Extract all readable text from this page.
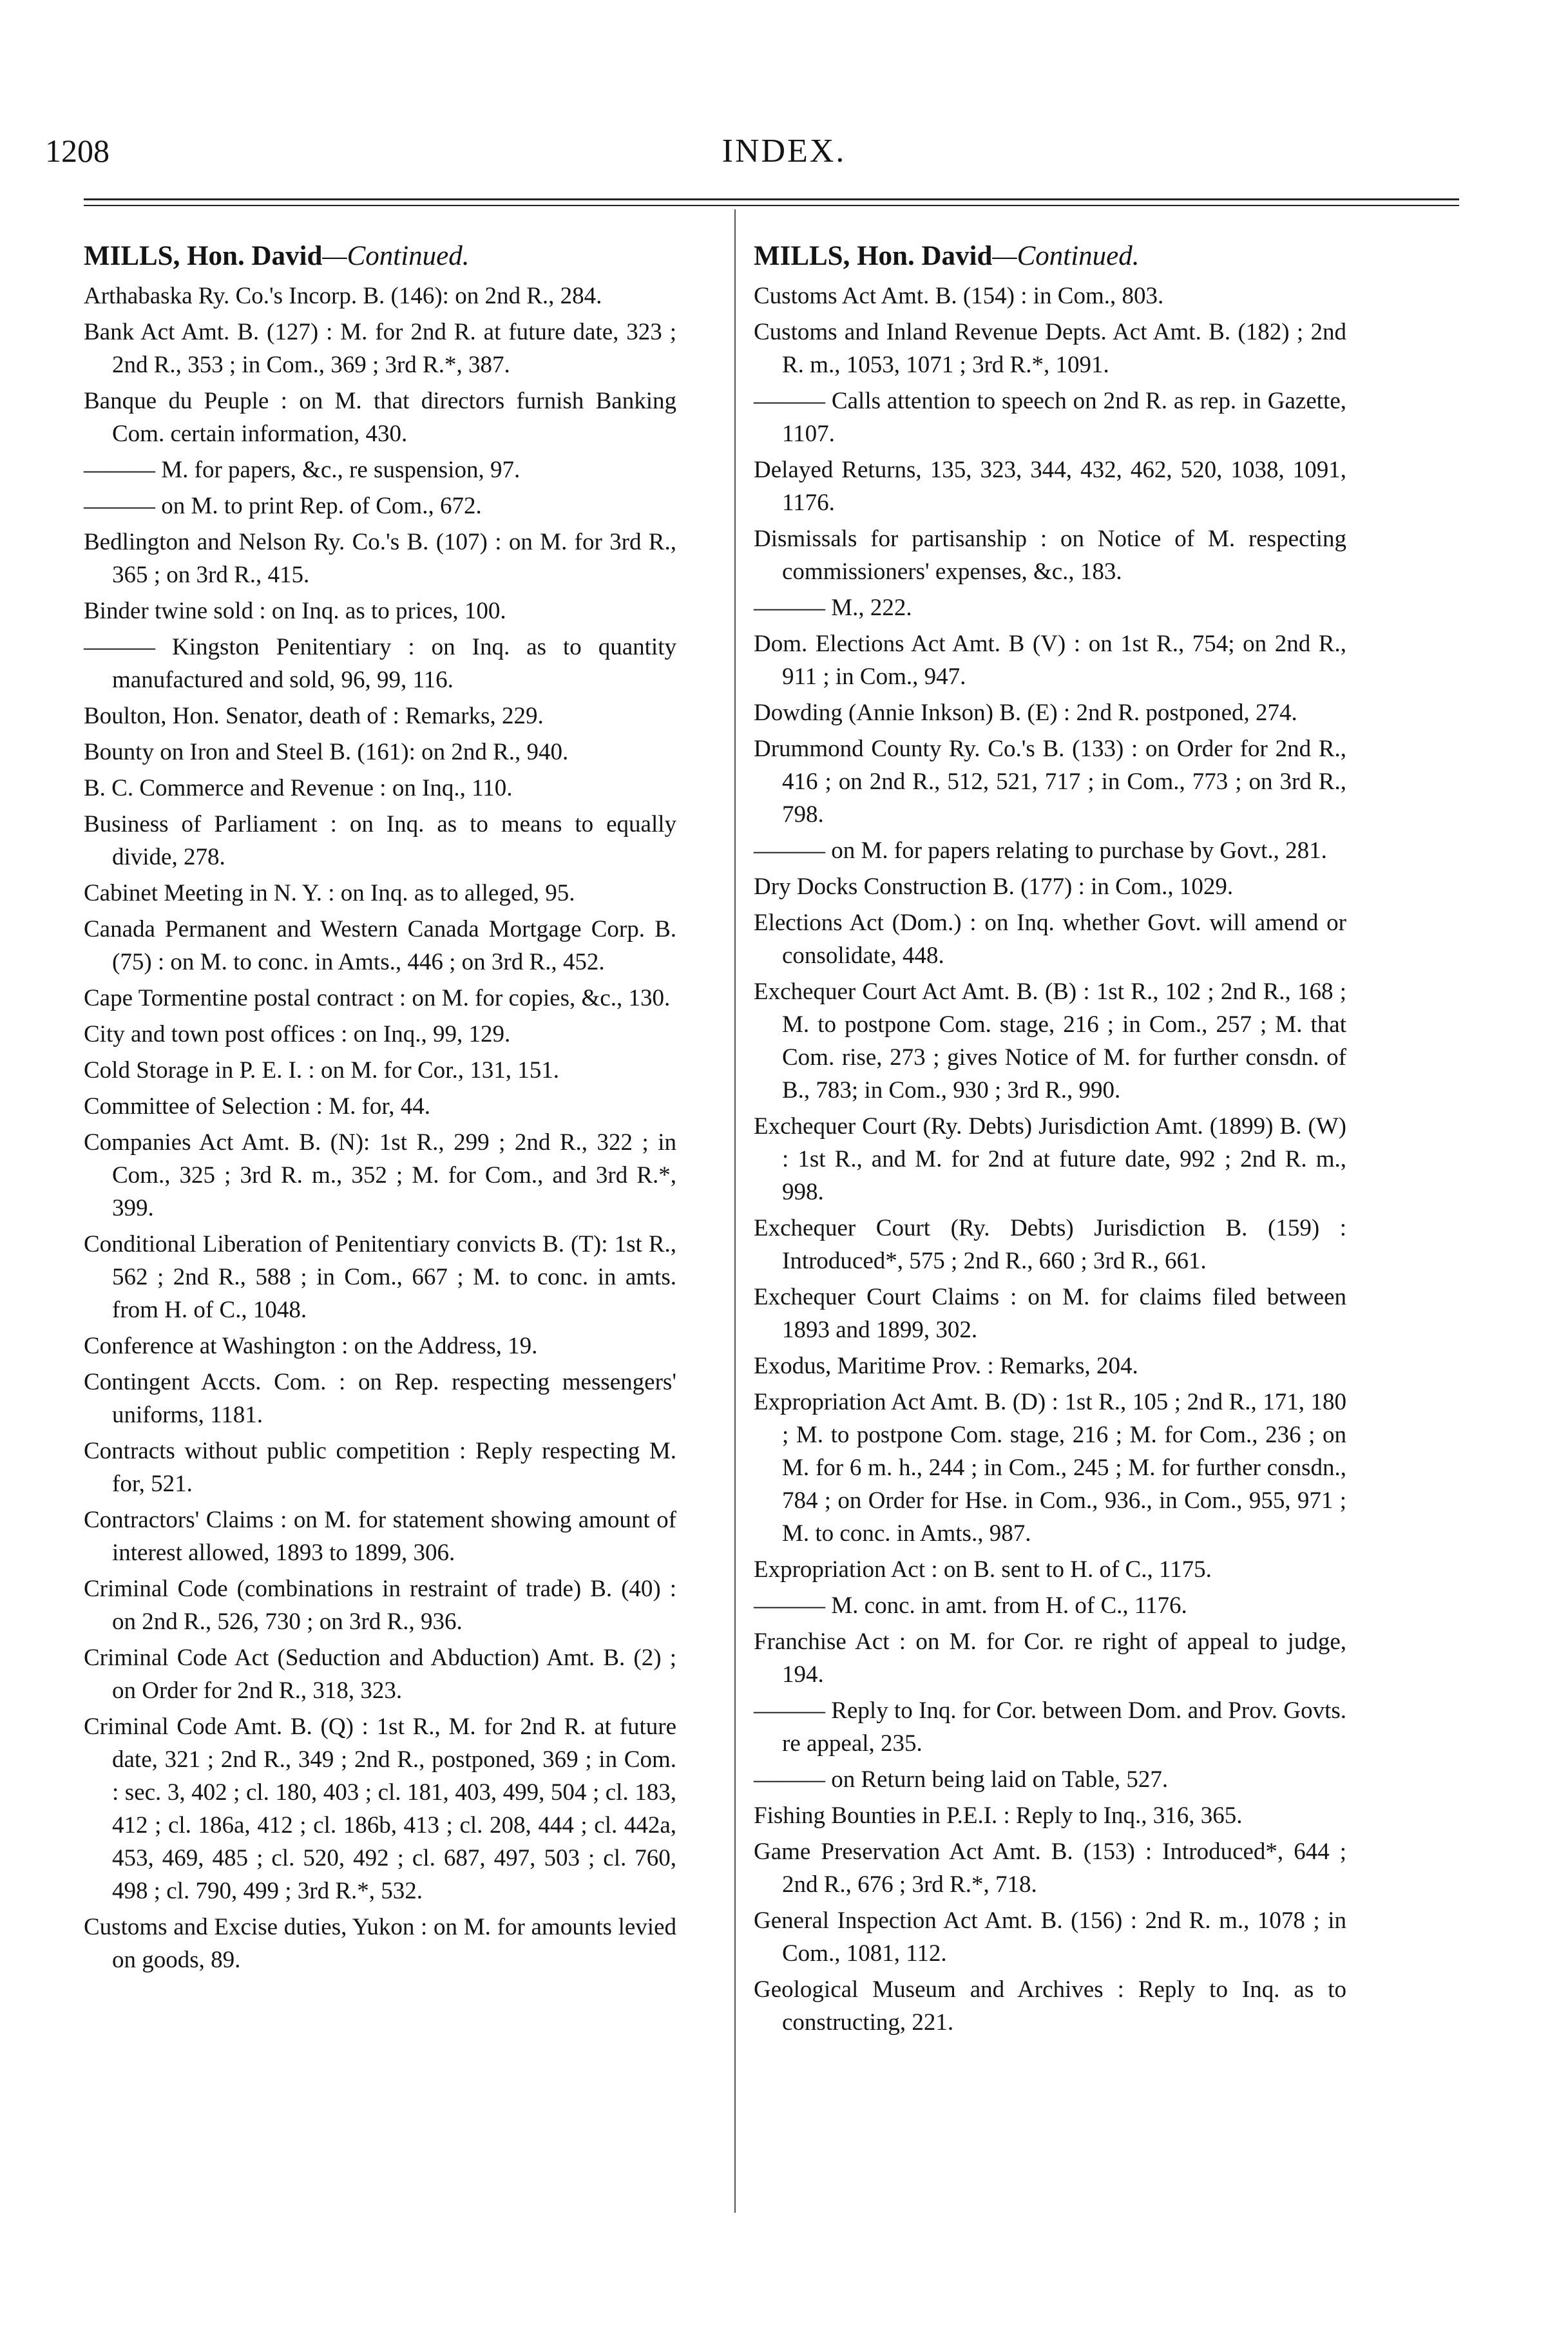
1208	INDEX.
MILLS, Hon. David—Continued.
Arthabaska Ry. Co.'s Incorp. B. (146): on 2nd R., 284.
Bank Act Amt. B. (127) : M. for 2nd R. at future date, 323 ; 2nd R., 353 ; in Com., 369 ; 3rd R.*, 387.
Banque du Peuple : on M. that directors furnish Banking Com. certain information, 430.
——— M. for papers, &c., re suspension, 97.
——— on M. to print Rep. of Com., 672.
Bedlington and Nelson Ry. Co.'s B. (107) : on M. for 3rd R., 365 ; on 3rd R., 415.
Binder twine sold : on Inq. as to prices, 100.
——— Kingston Penitentiary : on Inq. as to quantity manufactured and sold, 96, 99, 116.
Boulton, Hon. Senator, death of : Remarks, 229.
Bounty on Iron and Steel B. (161): on 2nd R., 940.
B. C. Commerce and Revenue : on Inq., 110.
Business of Parliament : on Inq. as to means to equally divide, 278.
Cabinet Meeting in N. Y. : on Inq. as to alleged, 95.
Canada Permanent and Western Canada Mortgage Corp. B. (75) : on M. to conc. in Amts., 446 ; on 3rd R., 452.
Cape Tormentine postal contract : on M. for copies, &c., 130.
City and town post offices : on Inq., 99, 129.
Cold Storage in P. E. I. : on M. for Cor., 131, 151.
Committee of Selection : M. for, 44.
Companies Act Amt. B. (N): 1st R., 299 ; 2nd R., 322 ; in Com., 325 ; 3rd R. m., 352 ; M. for Com., and 3rd R.*, 399.
Conditional Liberation of Penitentiary convicts B. (T): 1st R., 562 ; 2nd R., 588 ; in Com., 667 ; M. to conc. in amts. from H. of C., 1048.
Conference at Washington : on the Address, 19.
Contingent Accts. Com. : on Rep. respecting messengers' uniforms, 1181.
Contracts without public competition : Reply respecting M. for, 521.
Contractors' Claims : on M. for statement showing amount of interest allowed, 1893 to 1899, 306.
Criminal Code (combinations in restraint of trade) B. (40) : on 2nd R., 526, 730 ; on 3rd R., 936.
Criminal Code Act (Seduction and Abduction) Amt. B. (2) ; on Order for 2nd R., 318, 323.
Criminal Code Amt. B. (Q) : 1st R., M. for 2nd R. at future date, 321 ; 2nd R., 349 ; 2nd R., postponed, 369 ; in Com. : sec. 3, 402 ; cl. 180, 403 ; cl. 181, 403, 499, 504 ; cl. 183, 412 ; cl. 186a, 412 ; cl. 186b, 413 ; cl. 208, 444 ; cl. 442a, 453, 469, 485 ; cl. 520, 492 ; cl. 687, 497, 503 ; cl. 760, 498 ; cl. 790, 499 ; 3rd R.*, 532.
Customs and Excise duties, Yukon : on M. for amounts levied on goods, 89.
MILLS, Hon. David—Continued.
Customs Act Amt. B. (154) : in Com., 803.
Customs and Inland Revenue Depts. Act Amt. B. (182) ; 2nd R. m., 1053, 1071 ; 3rd R.*, 1091.
——— Calls attention to speech on 2nd R. as rep. in Gazette, 1107.
Delayed Returns, 135, 323, 344, 432, 462, 520, 1038, 1091, 1176.
Dismissals for partisanship : on Notice of M. respecting commissioners' expenses, &c., 183.
——— M., 222.
Dom. Elections Act Amt. B (V) : on 1st R., 754; on 2nd R., 911 ; in Com., 947.
Dowding (Annie Inkson) B. (E) : 2nd R. postponed, 274.
Drummond County Ry. Co.'s B. (133) : on Order for 2nd R., 416 ; on 2nd R., 512, 521, 717 ; in Com., 773 ; on 3rd R., 798.
——— on M. for papers relating to purchase by Govt., 281.
Dry Docks Construction B. (177) : in Com., 1029.
Elections Act (Dom.) : on Inq. whether Govt. will amend or consolidate, 448.
Exchequer Court Act Amt. B. (B) : 1st R., 102 ; 2nd R., 168 ; M. to postpone Com. stage, 216 ; in Com., 257 ; M. that Com. rise, 273 ; gives Notice of M. for further consdn. of B., 783; in Com., 930 ; 3rd R., 990.
Exchequer Court (Ry. Debts) Jurisdiction Amt. (1899) B. (W) : 1st R., and M. for 2nd at future date, 992 ; 2nd R. m., 998.
Exchequer Court (Ry. Debts) Jurisdiction B. (159) : Introduced*, 575 ; 2nd R., 660 ; 3rd R., 661.
Exchequer Court Claims : on M. for claims filed between 1893 and 1899, 302.
Exodus, Maritime Prov. : Remarks, 204.
Expropriation Act Amt. B. (D) : 1st R., 105 ; 2nd R., 171, 180 ; M. to postpone Com. stage, 216 ; M. for Com., 236 ; on M. for 6 m. h., 244 ; in Com., 245 ; M. for further consdn., 784 ; on Order for Hse. in Com., 936., in Com., 955, 971 ; M. to conc. in Amts., 987.
Expropriation Act : on B. sent to H. of C., 1175.
——— M. conc. in amt. from H. of C., 1176.
Franchise Act : on M. for Cor. re right of appeal to judge, 194.
——— Reply to Inq. for Cor. between Dom. and Prov. Govts. re appeal, 235.
——— on Return being laid on Table, 527.
Fishing Bounties in P.E.I. : Reply to Inq., 316, 365.
Game Preservation Act Amt. B. (153) : Introduced*, 644 ; 2nd R., 676 ; 3rd R.*, 718.
General Inspection Act Amt. B. (156) : 2nd R. m., 1078 ; in Com., 1081, 112.
Geological Museum and Archives : Reply to Inq. as to constructing, 221.
